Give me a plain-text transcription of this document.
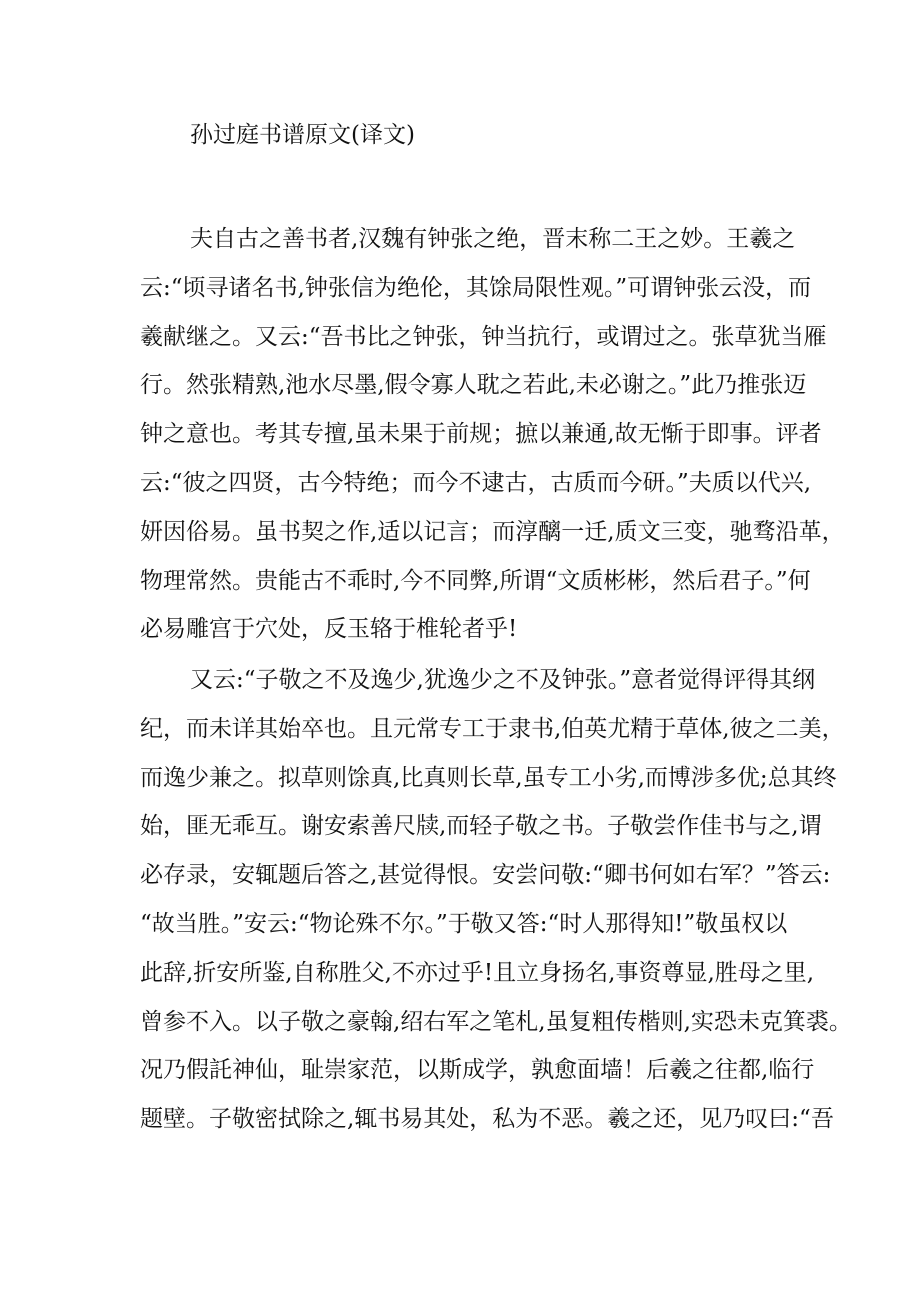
孙过庭书谱原文(译文)

夫自古之善书者,汉魏有钟张之绝，晋末称二王之妙。王羲之
云:“顷寻诸名书,钟张信为绝伦，其馀局限性观。”可谓钟张云没，而
羲献继之。又云:“吾书比之钟张，钟当抗行，或谓过之。张草犹当雁
行。然张精熟,池水尽墨,假令寡人耽之若此,未必谢之。”此乃推张迈
钟之意也。考其专擅,虽未果于前规；摭以兼通,故无惭于即事。评者
云:“彼之四贤，古今特绝；而今不逮古，古质而今研。”夫质以代兴,
妍因俗易。虽书契之作,适以记言；而淳醨一迁,质文三变，驰骛沿革，
物理常然。贵能古不乖时,今不同弊,所谓“文质彬彬，然后君子。”何
必易雕宫于穴处，反玉辂于椎轮者乎!

又云:“子敬之不及逸少,犹逸少之不及钟张。”意者觉得评得其纲
纪，而未详其始卒也。且元常专工于隶书,伯英尤精于草体,彼之二美，
而逸少兼之。拟草则馀真,比真则长草,虽专工小劣,而博涉多优;总其终
始，匪无乖互。谢安索善尺牍,而轻子敬之书。子敬尝作佳书与之,谓
必存录，安辄题后答之,甚觉得恨。安尝问敬:“卿书何如右军？”答云:
“故当胜。”安云:“物论殊不尔。”于敬又答:“时人那得知!”敬虽权以
此辞,折安所鉴,自称胜父,不亦过乎!且立身扬名,事资尊显,胜母之里,
曾参不入。以子敬之豪翰,绍右军之笔札,虽复粗传楷则,实恐未克箕裘。
况乃假託神仙，耻崇家范，以斯成学，孰愈面墙！后羲之往都,临行
题壁。子敬密拭除之,辄书易其处，私为不恶。羲之还，见乃叹曰:“吾
